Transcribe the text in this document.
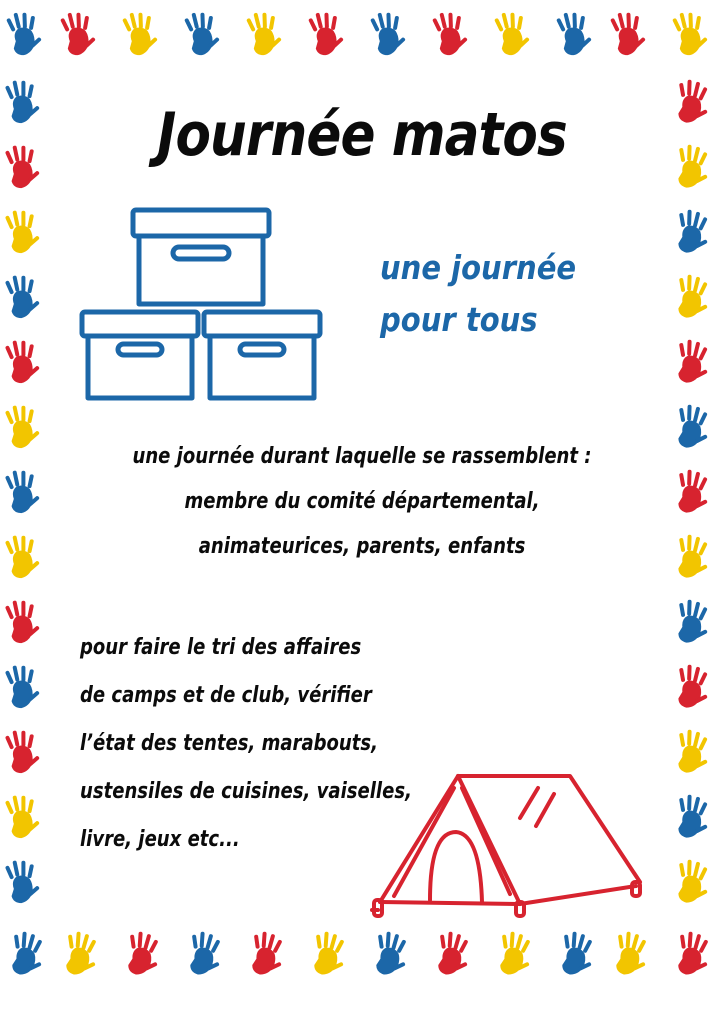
Journée matos
une journée
pour tous
une journée durant laquelle se rassemblent :
membre du comité départemental,
animateurices, parents, enfants
pour faire le tri des affaires
de camps et de club, vérifier
l’état des tentes, marabouts,
ustensiles de cuisines, vaiselles,
livre, jeux etc...
